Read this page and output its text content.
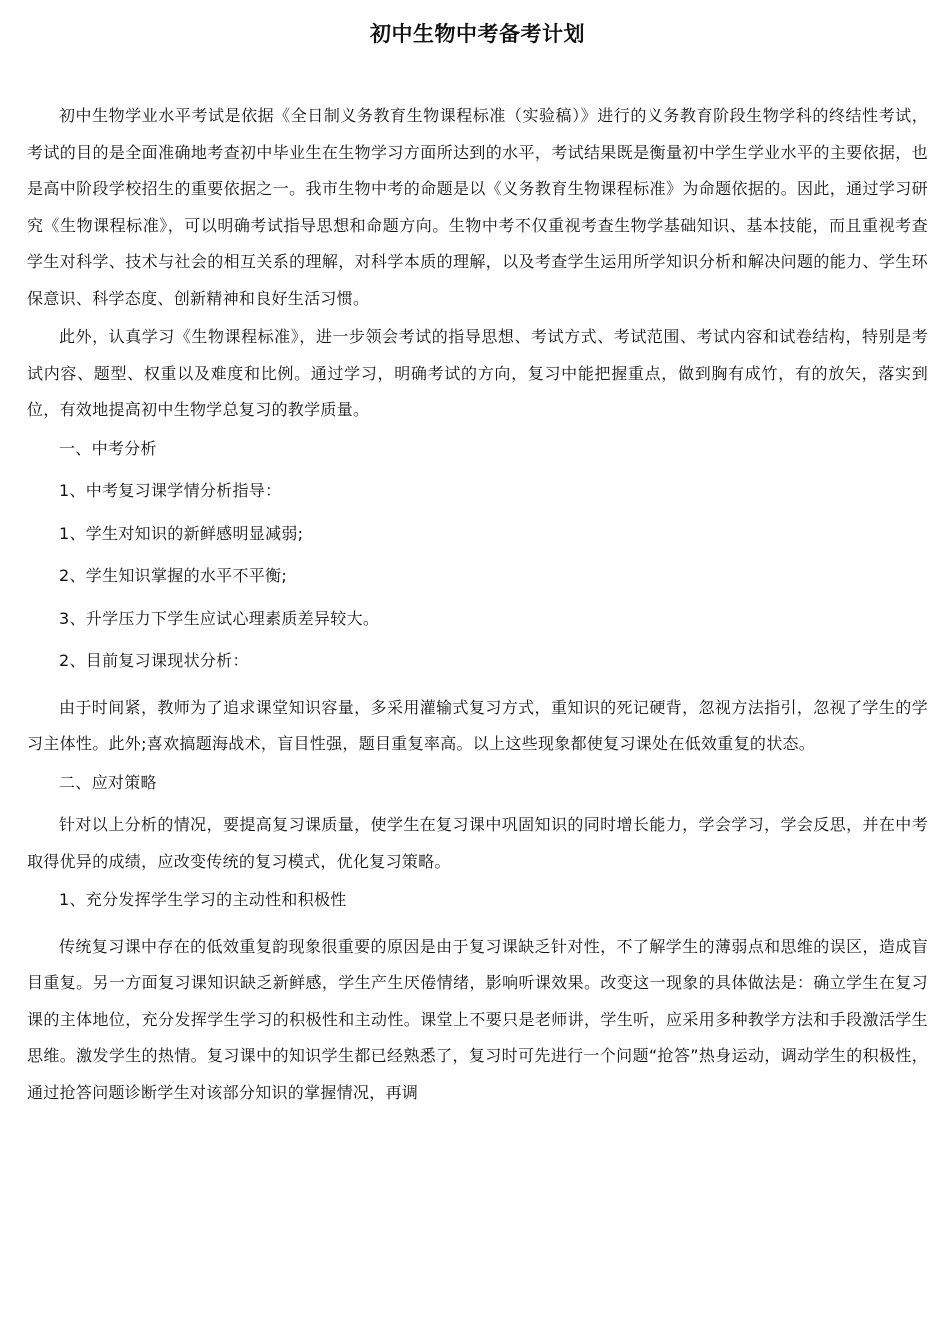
初中生物中考备考计划

初中生物学业水平考试是依据《全日制义务教育生物课程标准（实验稿）》进行的义务教育阶段生物学科的终结性考试，考试的目的是全面准确地考查初中毕业生在生物学习方面所达到的水平，考试结果既是衡量初中学生学业水平的主要依据，也是高中阶段学校招生的重要依据之一。我市生物中考的命题是以《义务教育生物课程标准》为命题依据的。因此，通过学习研究《生物课程标准》，可以明确考试指导思想和命题方向。生物中考不仅重视考查生物学基础知识、基本技能，而且重视考查学生对科学、技术与社会的相互关系的理解，对科学本质的理解，以及考查学生运用所学知识分析和解决问题的能力、学生环保意识、科学态度、创新精神和良好生活习惯。

此外，认真学习《生物课程标准》，进一步领会考试的指导思想、考试方式、考试范围、考试内容和试卷结构，特别是考试内容、题型、权重以及难度和比例。通过学习，明确考试的方向，复习中能把握重点，做到胸有成竹，有的放矢，落实到位，有效地提高初中生物学总复习的教学质量。

一、中考分析
1、中考复习课学情分析指导：
1、学生对知识的新鲜感明显减弱;
2、学生知识掌握的水平不平衡;
3、升学压力下学生应试心理素质差异较大。
2、目前复习课现状分析：

由于时间紧，教师为了追求课堂知识容量，多采用灌输式复习方式，重知识的死记硬背，忽视方法指引，忽视了学生的学习主体性。此外;喜欢搞题海战术，盲目性强，题目重复率高。以上这些现象都使复习课处在低效重复的状态。

二、应对策略

针对以上分析的情况，要提高复习课质量，使学生在复习课中巩固知识的同时增长能力，学会学习，学会反思，并在中考取得优异的成绩，应改变传统的复习模式，优化复习策略。

1、充分发挥学生学习的主动性和积极性

传统复习课中存在的低效重复韵现象很重要的原因是由于复习课缺乏针对性，不了解学生的薄弱点和思维的误区，造成盲目重复。另一方面复习课知识缺乏新鲜感，学生产生厌倦情绪，影响听课效果。改变这一现象的具体做法是：确立学生在复习课的主体地位，充分发挥学生学习的积极性和主动性。课堂上不要只是老师讲，学生听，应采用多种教学方法和手段激活学生思维。激发学生的热情。复习课中的知识学生都已经熟悉了，复习时可先进行一个问题“抢答”热身运动，调动学生的积极性，通过抢答问题诊断学生对该部分知识的掌握情况，再调
